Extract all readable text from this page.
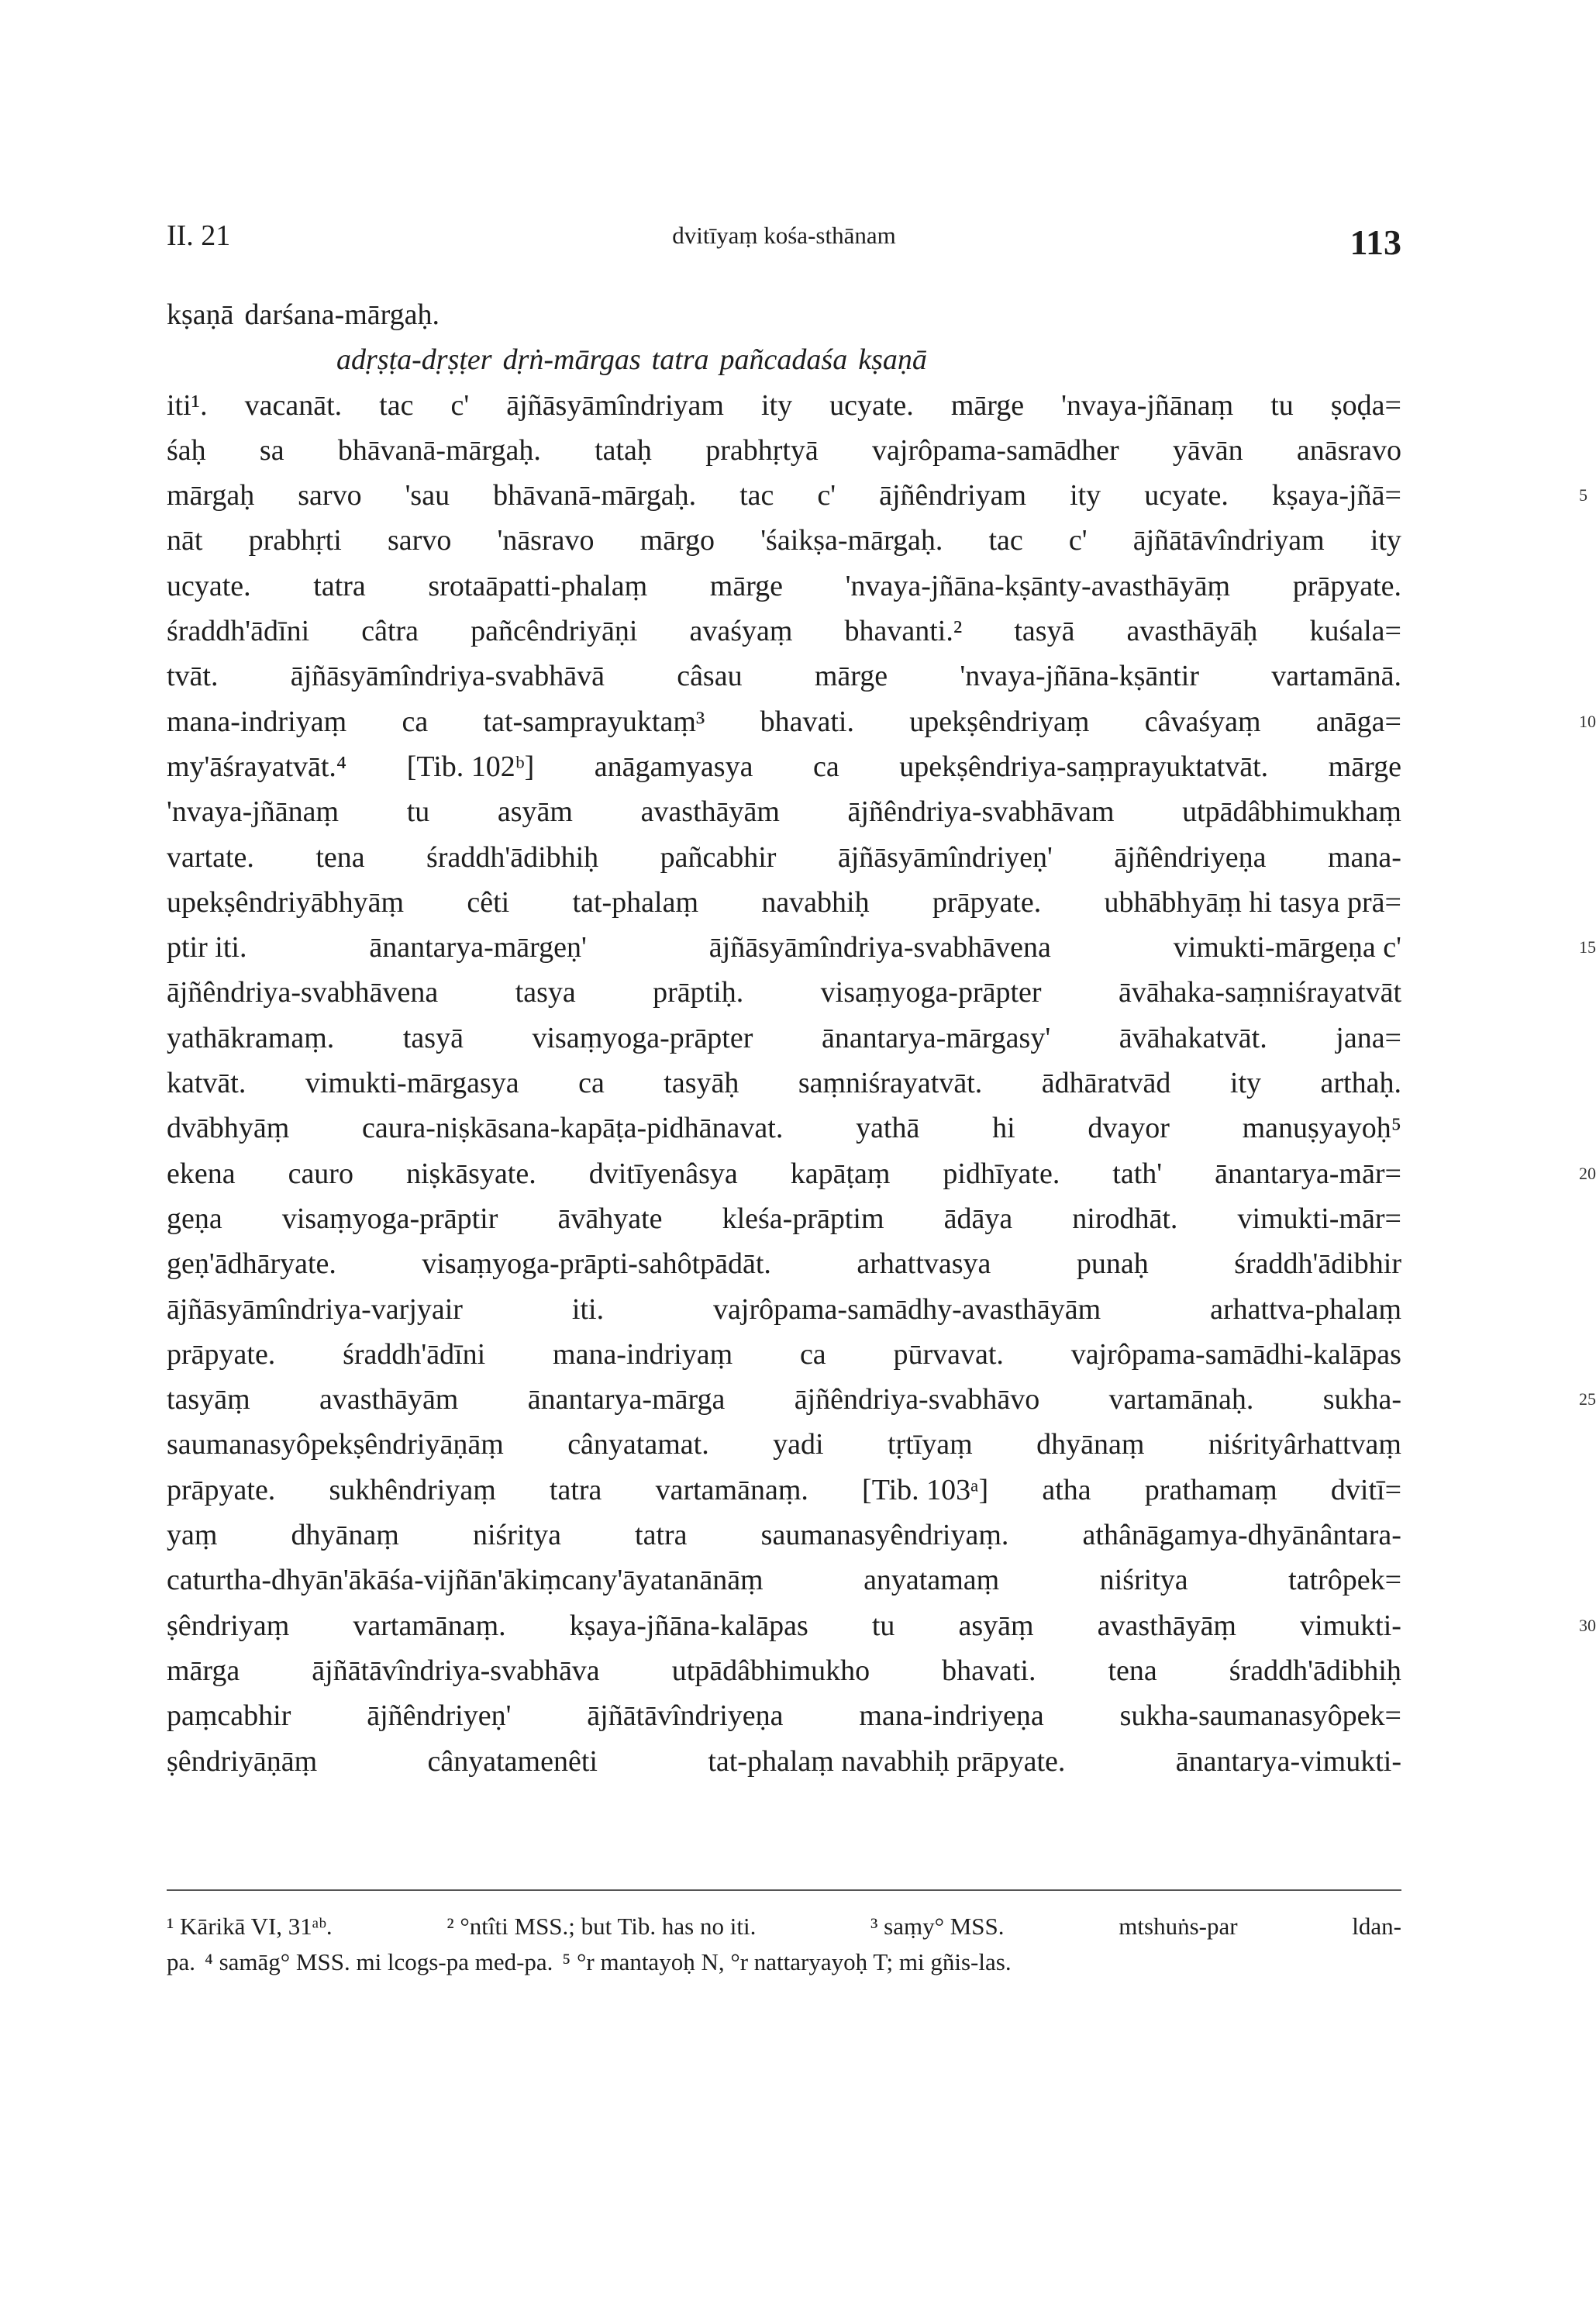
II. 21	dvitīyaṃ kośa-sthānam	113
kṣaṇā darśana-mārgaḥ.
adṛṣṭa-dṛṣṭer dṛṅ-mārgas tatra pañcadaśa kṣaṇā
iti¹. vacanāt. tac c' ājñāsyāmîndriyam ity ucyate. mārge 'nvaya-jñānaṃ tu ṣoḍa=
śaḥ sa bhāvanā-mārgaḥ. tataḥ prabhṛtyā vajrôpama-samādher yāvān anāsravo
mārgaḥ sarvo 'sau bhāvanā-mārgaḥ. tac c' ājñêndriyam ity ucyate. kṣaya-jñā=	5
nāt prabhṛti sarvo 'nāsravo mārgo 'śaikṣa-mārgaḥ. tac c' ājñātāvîndriyam ity
ucyate. tatra srotaāpatti-phalaṃ mārge 'nvaya-jñāna-kṣānty-avasthāyāṃ prāpyate.
śraddh'ādīni câtra pañcêndriyāṇi avaśyaṃ bhavanti.² tasyā avasthāyāḥ kuśala=
tvāt. ājñāsyāmîndriya-svabhāvā câsau mārge 'nvaya-jñāna-kṣāntir vartamānā.
mana-indriyaṃ ca tat-samprayuktaṃ³ bhavati. upekṣêndriyaṃ câvaśyaṃ anāga=	10
my'āśrayatvāt.⁴ [Tib. 102ᵇ] anāgamyasya ca upekṣêndriya-saṃprayuktatvāt. mārge
'nvaya-jñānaṃ tu asyām avasthāyām ājñêndriya-svabhāvam utpādâbhimukhaṃ
vartate. tena śraddh'ādibhiḥ pañcabhir ājñāsyāmîndriyeṇ' ājñêndriyeṇa mana-
upekṣêndriyābhyāṃ cêti tat-phalaṃ navabhiḥ prāpyate. ubhābhyāṃ hi tasya prā=
ptir iti.	ānantarya-mārgeṇ'	ājñāsyāmîndriya-svabhāvena	vimukti-mārgeṇa c'	15
ājñêndriya-svabhāvena	tasya	prāptiḥ.	visaṃyoga-prāpter	āvāhaka-saṃniśrayatvāt
yathākramaṃ. tasyā visaṃyoga-prāpter ānantarya-mārgasy' āvāhakatvāt. jana=
katvāt. vimukti-mārgasya ca tasyāḥ saṃniśrayatvāt. ādhāratvād ity arthaḥ.
dvābhyāṃ caura-niṣkāsana-kapāṭa-pidhānavat. yathā hi dvayor manuṣyayoḥ⁵
ekena cauro niṣkāsyate. dvitīyenâsya kapāṭaṃ pidhīyate. tath' ānantarya-mār=	20
geṇa visaṃyoga-prāptir āvāhyate kleśa-prāptim ādāya nirodhāt. vimukti-mār=
geṇ'ādhāryate.	visaṃyoga-prāpti-sahôtpādāt.	arhattvasya	punaḥ	śraddh'ādibhir
ājñāsyāmîndriya-varjyair	iti.	vajrôpama-samādhy-avasthāyām	arhattva-phalaṃ
prāpyate. śraddh'ādīni mana-indriyaṃ ca pūrvavat. vajrôpama-samādhi-kalāpas
tasyāṃ avasthāyām ānantarya-mārga ājñêndriya-svabhāvo vartamānaḥ. sukha-	25
saumanasyôpekṣêndriyāṇāṃ cânyatamat. yadi tṛtīyaṃ dhyānaṃ niśrityârhattvaṃ
prāpyate. sukhêndriyaṃ tatra vartamānaṃ. [Tib. 103ᵃ] atha prathamaṃ dvitī=
yaṃ	dhyānaṃ	niśritya	tatra	saumanasyêndriyaṃ.	athânāgamya-dhyānântara-
caturtha-dhyān'ākāśa-vijñān'ākiṃcany'āyatanānāṃ	anyatamaṃ	niśritya	tatrôpek=
ṣêndriyaṃ vartamānaṃ. kṣaya-jñāna-kalāpas tu asyāṃ avasthāyāṃ vimukti-	30
mārga ājñātāvîndriya-svabhāva utpādâbhimukho bhavati. tena śraddh'ādibhiḥ
paṃcabhir	ājñêndriyeṇ'	ājñātāvîndriyeṇa	mana-indriyeṇa	sukha-saumanasyôpek=
ṣêndriyāṇāṃ	cânyatamenêti	tat-phalaṃ navabhiḥ prāpyate.	ānantarya-vimukti-
¹ Kārikā VI, 31ᵃᵇ.	² °ntîti MSS.; but Tib. has no iti.	³ saṃy° MSS.	mtshuṅs-par	ldan-
pa. ⁴ samāg° MSS. mi lcogs-pa med-pa. ⁵ °r mantayoḥ N, °r nattaryayoḥ T; mi gñis-las.
